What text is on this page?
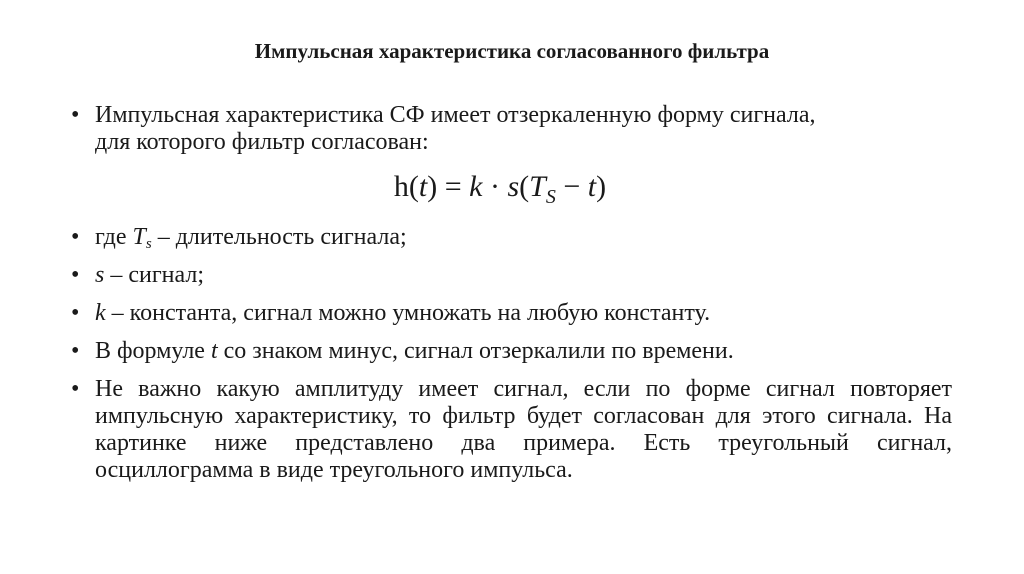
Импульсная характеристика согласованного фильтра
• Импульсная характеристика СФ имеет отзеркаленную форму сигнала,
для которого фильтр согласован:
$h(t) = k \cdot s(T_S - t)$
• где $T_s$ – длительность сигнала;
• s – сигнал;
• k – константа, сигнал можно умножать на любую константу.
• В формуле t со знаком минус, сигнал отзеркалили по времени.
• Не важно какую амплитуду имеет сигнал, если по форме сигнал повторяет импульсную характеристику, то фильтр будет согласован для этого сигнала. На картинке ниже представлено два примера. Есть треугольный сигнал, осциллограмма в виде треугольного импульса.
